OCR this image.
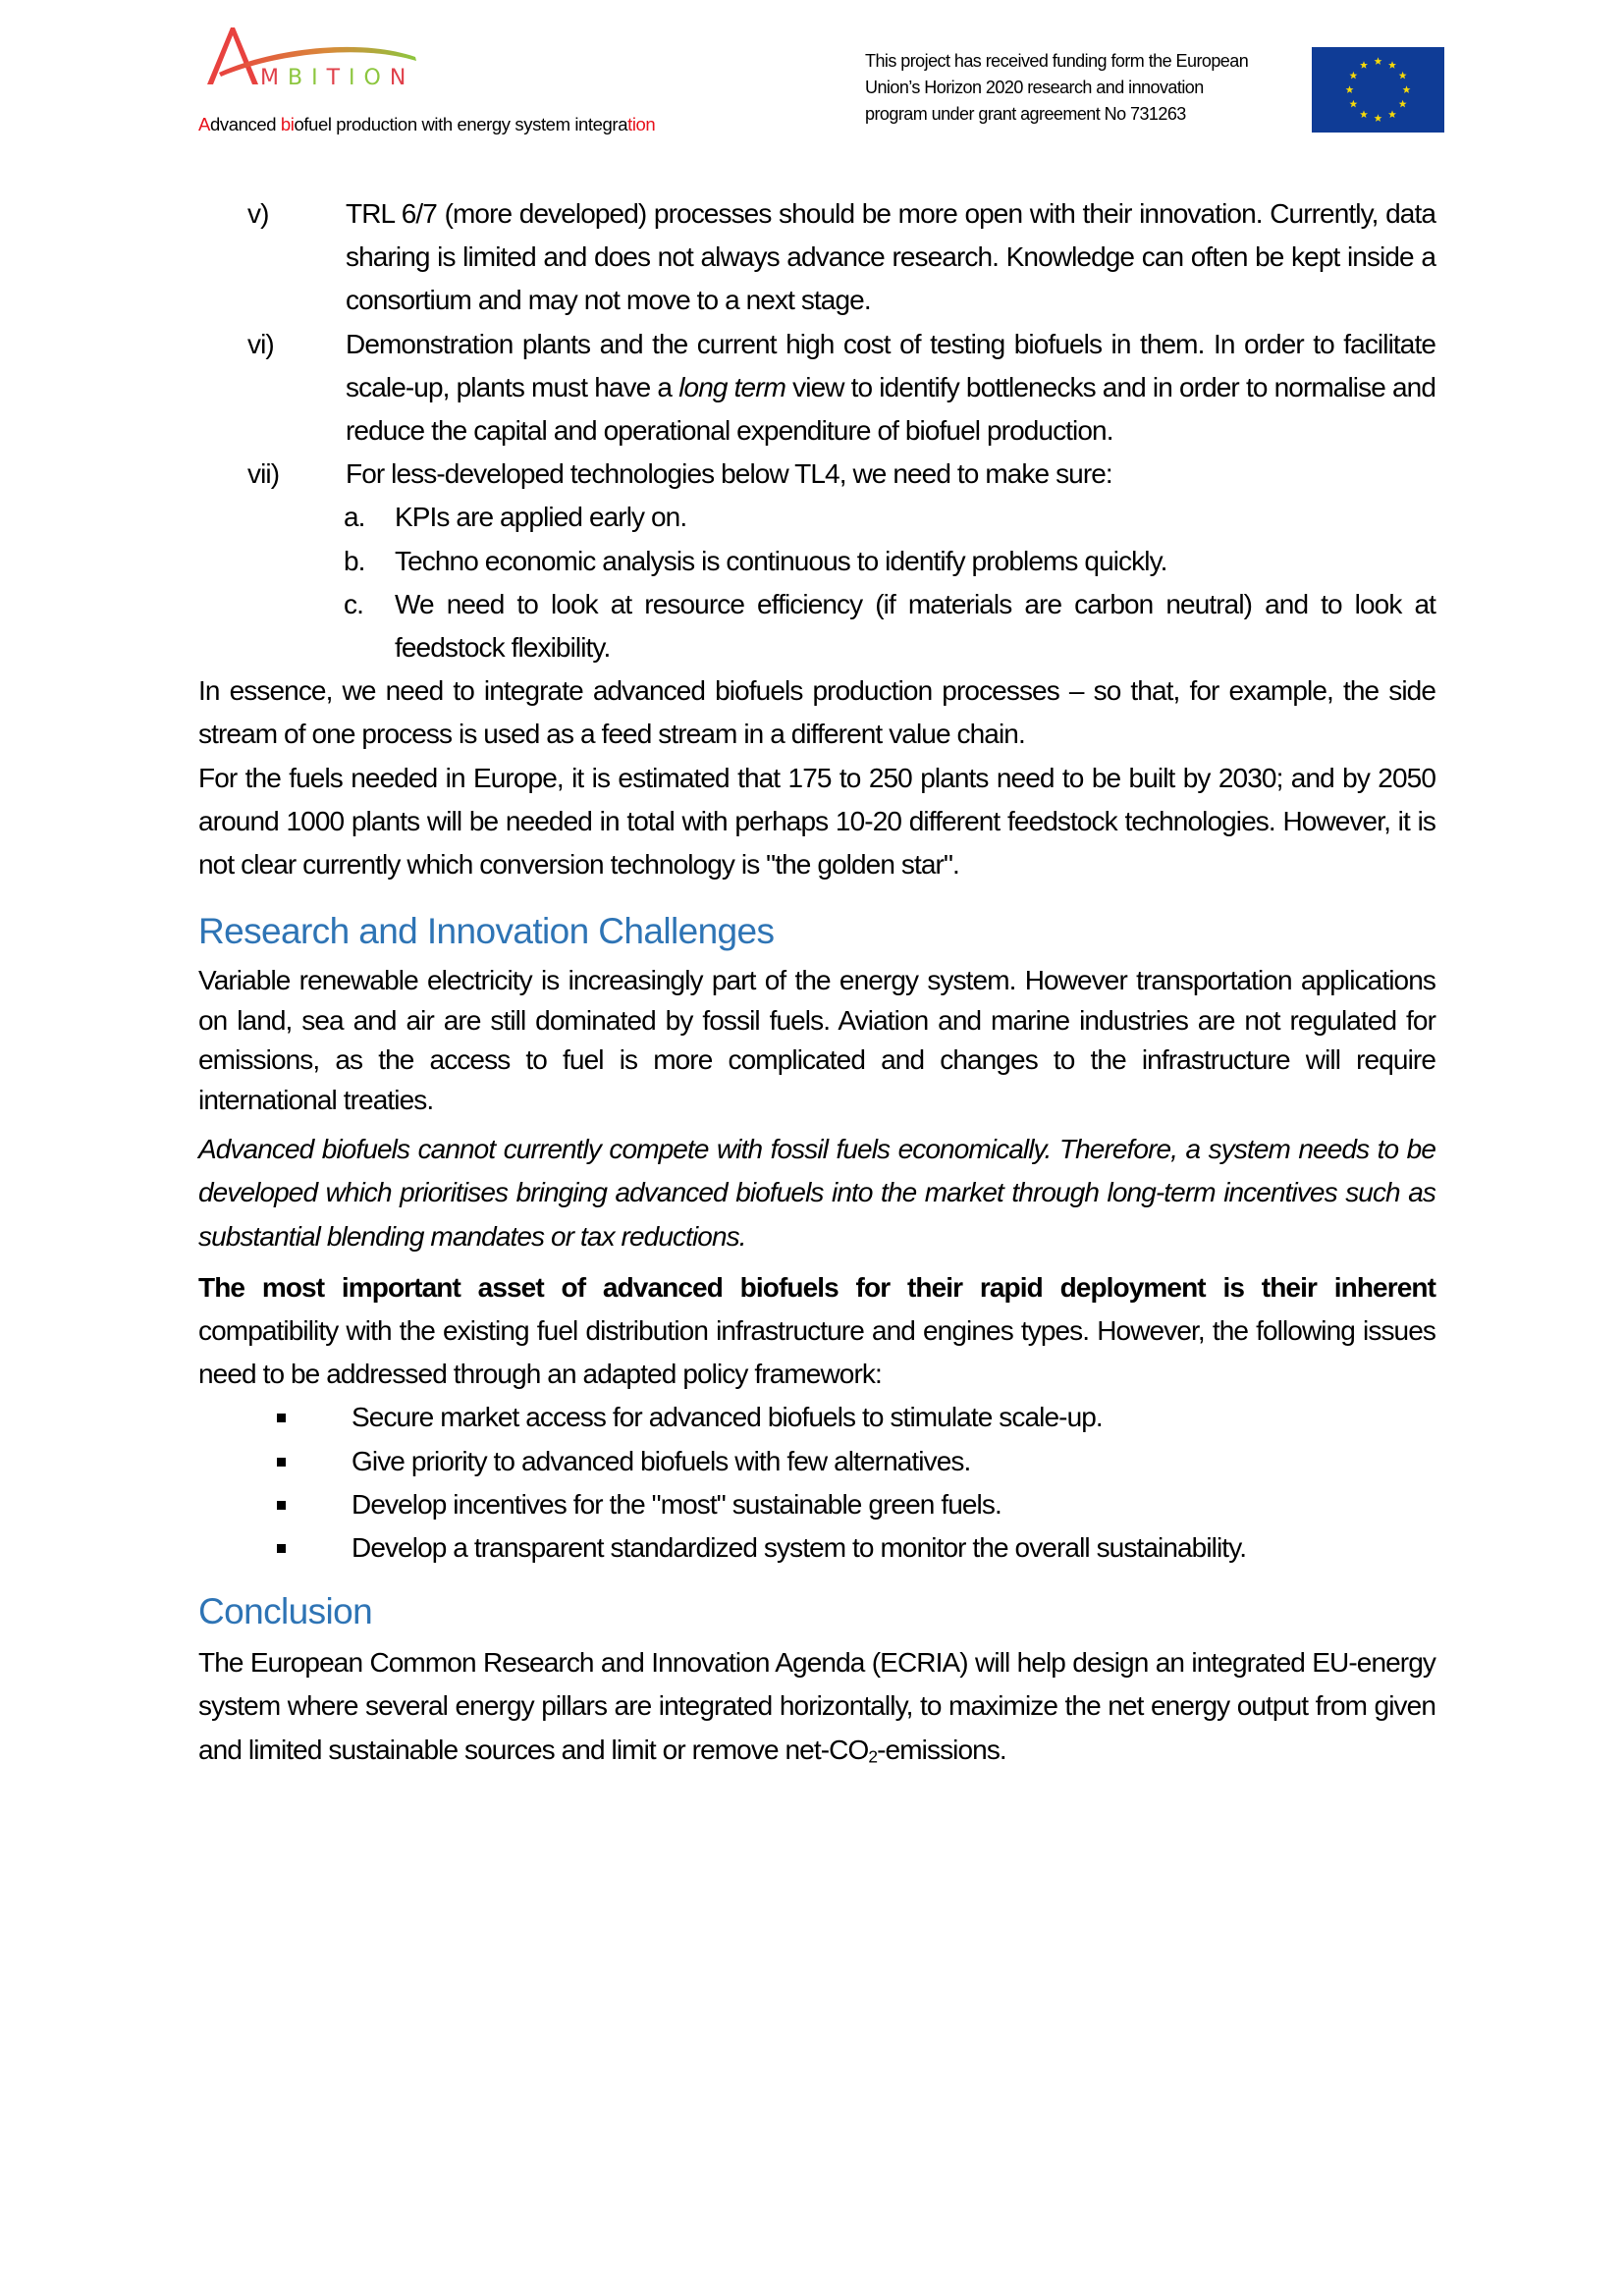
MBITION
Advanced biofuel production with energy system integration
This project has received funding form the European
Union’s Horizon 2020 research and innovation
program under grant agreement No 731263
v)	TRL 6/7 (more developed) processes should be more open with their innovation. Currently, data sharing is limited and does not always advance research. Knowledge can often be kept inside a consortium and may not move to a next stage.

vi)	Demonstration plants and the current high cost of testing biofuels in them. In order to facilitate scale-up, plants must have a long term view to identify bottlenecks and in order to normalise and reduce the capital and operational expenditure of biofuel production.

vii) For less-developed technologies below TL4, we need to make sure:

a. KPIs are applied early on.

b. Techno economic analysis is continuous to identify problems quickly.

c. We need to look at resource efficiency (if materials are carbon neutral) and to look at feedstock flexibility.

In essence, we need to integrate advanced biofuels production processes – so that, for example, the side stream of one process is used as a feed stream in a different value chain.

For the fuels needed in Europe, it is estimated that 175 to 250 plants need to be built by 2030; and by 2050 around 1000 plants will be needed in total with perhaps 10-20 different feedstock technologies. However, it is not clear currently which conversion technology is "the golden star".

Research and Innovation Challenges

Variable renewable electricity is increasingly part of the energy system. However transportation applications on land, sea and air are still dominated by fossil fuels. Aviation and marine industries are not regulated for emissions, as the access to fuel is more complicated and changes to the infrastructure will require international treaties.

Advanced biofuels cannot currently compete with fossil fuels economically. Therefore, a system needs to be developed which prioritises bringing advanced biofuels into the market through long-term incentives such as substantial blending mandates or tax reductions.

The most important asset of advanced biofuels for their rapid deployment is their inherent compatibility with the existing fuel distribution infrastructure and engines types. However, the following issues need to be addressed through an adapted policy framework:

Secure market access for advanced biofuels to stimulate scale-up.
Give priority to advanced biofuels with few alternatives.
Develop incentives for the "most" sustainable green fuels.
Develop a transparent standardized system to monitor the overall sustainability.
Conclusion

The European Common Research and Innovation Agenda (ECRIA) will help design an integrated EU-energy system where several energy pillars are integrated horizontally, to maximize the net energy output from given and limited sustainable sources and limit or remove net-$CO_2$-emissions.
